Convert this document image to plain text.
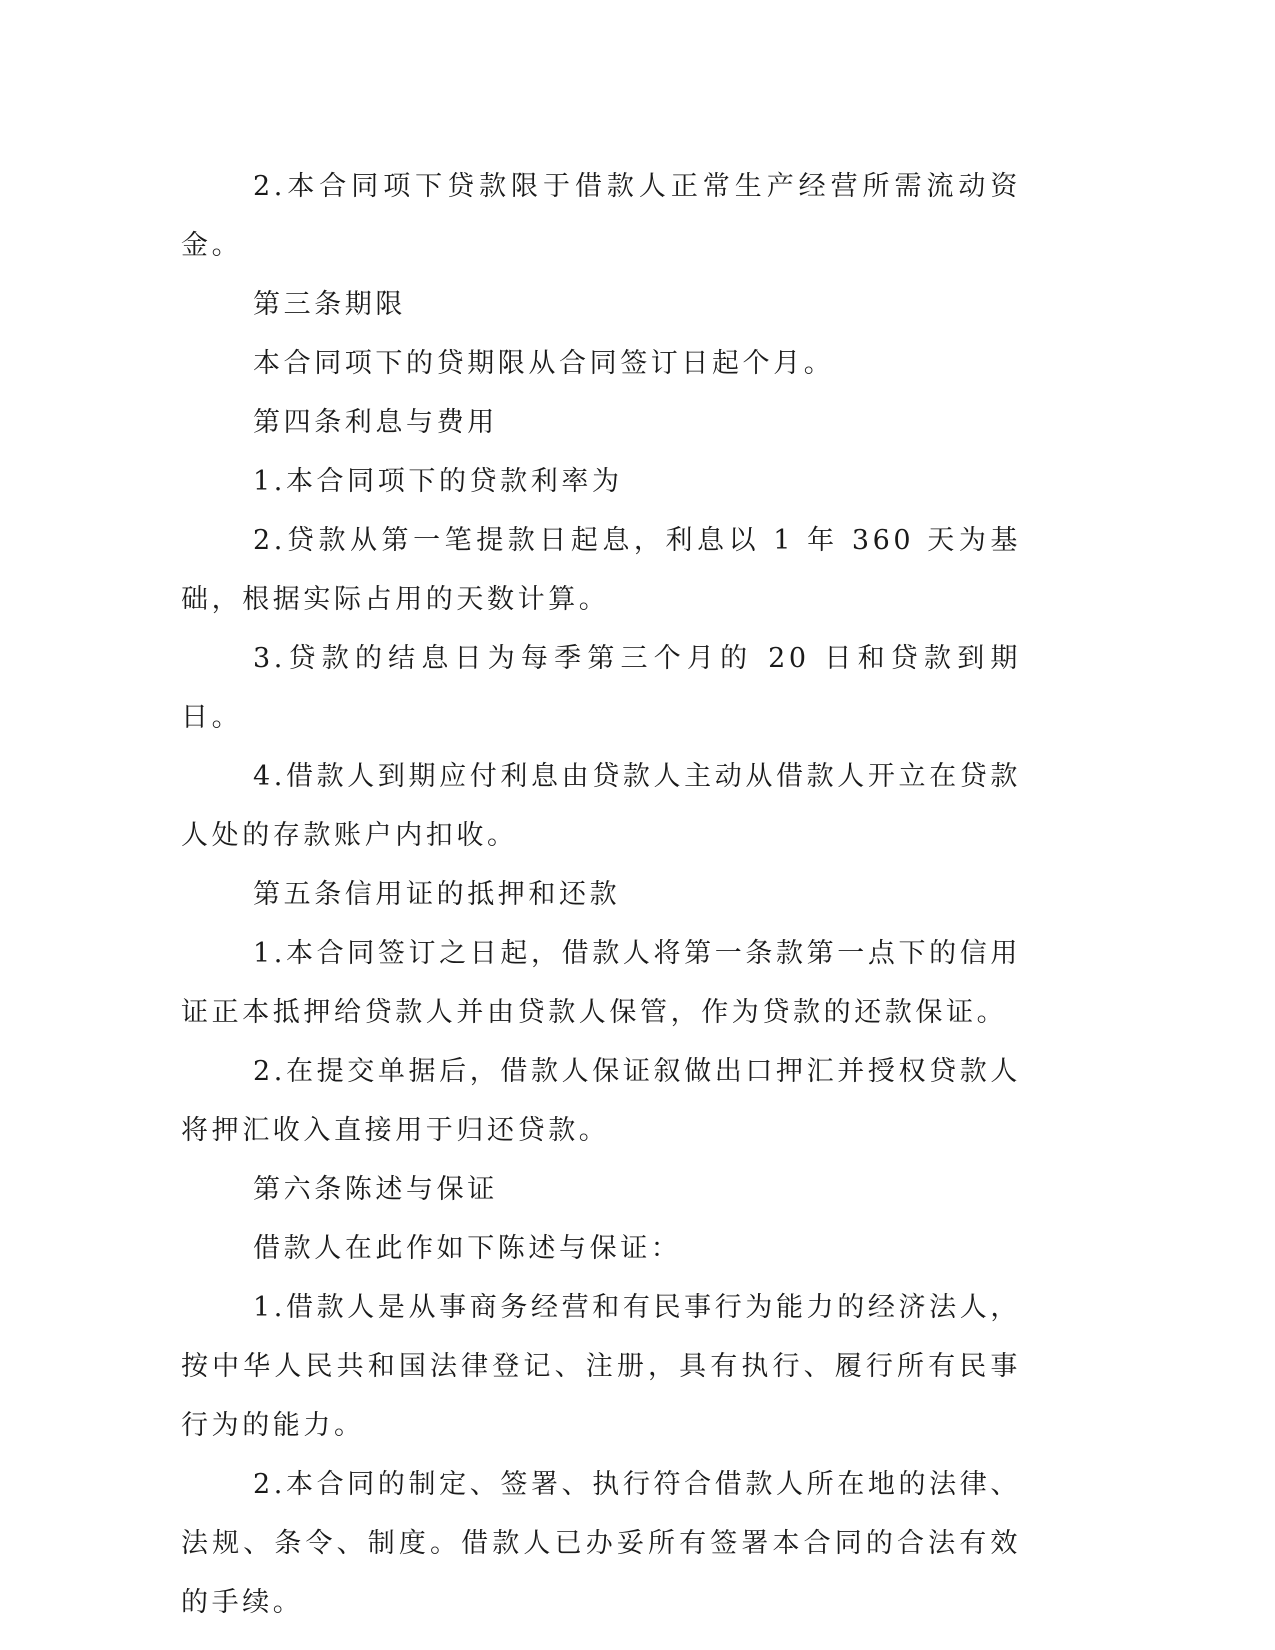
2.本合同项下贷款限于借款人正常生产经营所需流动资金。

第三条期限

本合同项下的贷期限从合同签订日起个月。

第四条利息与费用

1.本合同项下的贷款利率为

2.贷款从第一笔提款日起息，利息以 1 年 360 天为基础，根据实际占用的天数计算。

3.贷款的结息日为每季第三个月的 20 日和贷款到期日。

4.借款人到期应付利息由贷款人主动从借款人开立在贷款人处的存款账户内扣收。

第五条信用证的抵押和还款

1.本合同签订之日起，借款人将第一条款第一点下的信用证正本抵押给贷款人并由贷款人保管，作为贷款的还款保证。

2.在提交单据后，借款人保证叙做出口押汇并授权贷款人将押汇收入直接用于归还贷款。

第六条陈述与保证

借款人在此作如下陈述与保证：

1.借款人是从事商务经营和有民事行为能力的经济法人，按中华人民共和国法律登记、注册，具有执行、履行所有民事行为的能力。

2.本合同的制定、签署、执行符合借款人所在地的法律、法规、条令、制度。借款人已办妥所有签署本合同的合法有效的手续。
